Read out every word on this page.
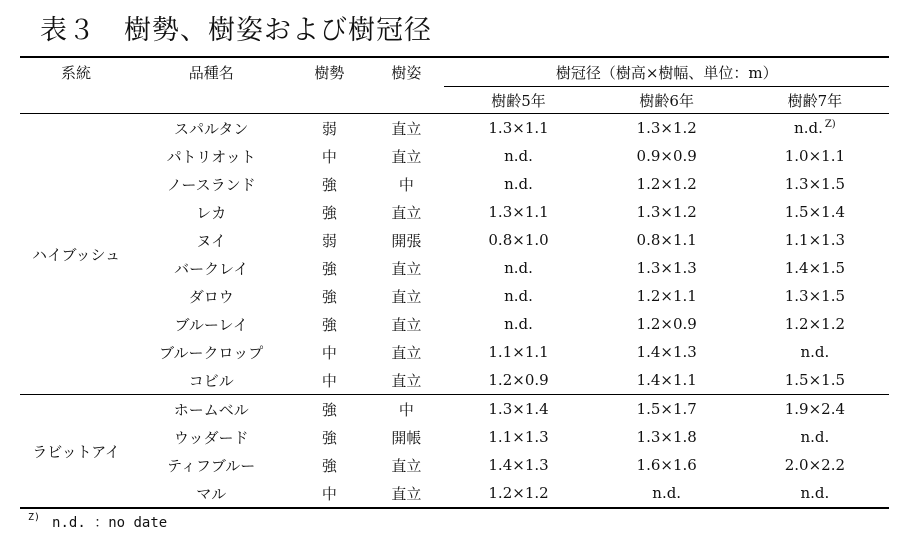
表３　樹勢、樹姿および樹冠径
系統	品種名	樹勢	樹姿	樹冠径（樹高×樹幅、単位：m）		
				樹齢5年	樹齢6年	樹齢7年
ハイブッシュ	スパルタン	弱	直立	1.3×1.1	1.3×1.2	n.d. $^{Z)}$
	パトリオット	中	直立	n.d.	0.9×0.9	1.0×1.1
	ノースランド	強	中	n.d.	1.2×1.2	1.3×1.5
	レカ	強	直立	1.3×1.1	1.3×1.2	1.5×1.4
	ヌイ	弱	開張	0.8×1.0	0.8×1.1	1.1×1.3
	バークレイ	強	直立	n.d.	1.3×1.3	1.4×1.5
	ダロウ	強	直立	n.d.	1.2×1.1	1.3×1.5
	ブルーレイ	強	直立	n.d.	1.2×0.9	1.2×1.2
	ブルークロップ	中	直立	1.1×1.1	1.4×1.3	n.d.
	コビル	中	直立	1.2×0.9	1.4×1.1	1.5×1.5
ラビットアイ	ホームベル	強	中	1.3×1.4	1.5×1.7	1.9×2.4
	ウッダード	強	開帳	1.1×1.3	1.3×1.8	n.d.
	ティフブルー	強	直立	1.4×1.3	1.6×1.6	2.0×2.2
	マル	中	直立	1.2×1.2	n.d.	n.d.
$^{Z)}$ n.d. ：no date
